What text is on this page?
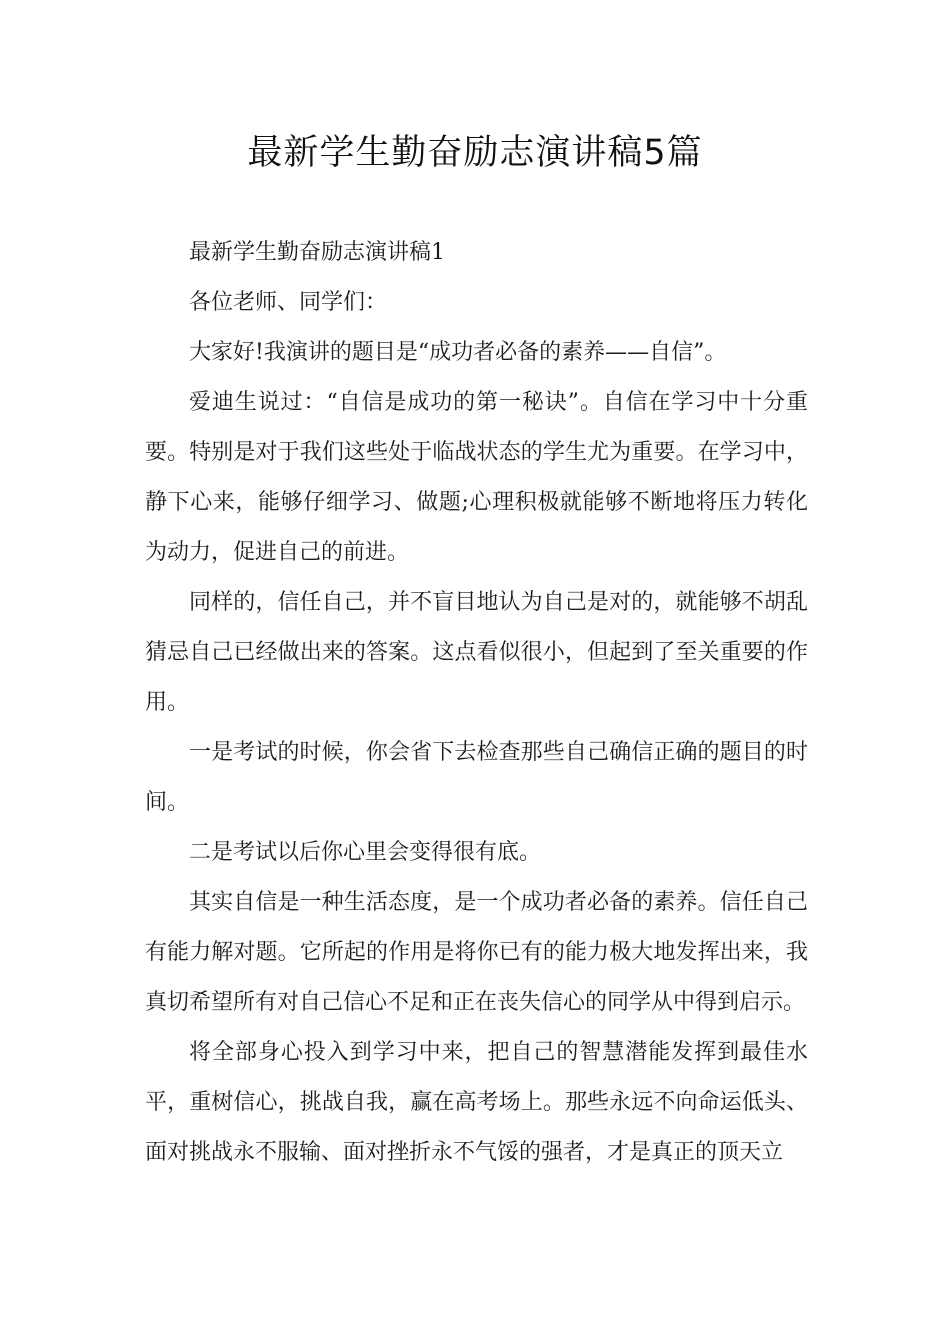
最新学生勤奋励志演讲稿5篇

最新学生勤奋励志演讲稿1

各位老师、同学们：

大家好!我演讲的题目是“成功者必备的素养——自信”。

爱迪生说过：“自信是成功的第一秘诀”。自信在学习中十分重要。特别是对于我们这些处于临战状态的学生尤为重要。在学习中，静下心来，能够仔细学习、做题;心理积极就能够不断地将压力转化为动力，促进自己的前进。

同样的，信任自己，并不盲目地认为自己是对的，就能够不胡乱猜忌自己已经做出来的答案。这点看似很小，但起到了至关重要的作用。

一是考试的时候，你会省下去检查那些自己确信正确的题目的时间。

二是考试以后你心里会变得很有底。

其实自信是一种生活态度，是一个成功者必备的素养。信任自己有能力解对题。它所起的作用是将你已有的能力极大地发挥出来，我真切希望所有对自己信心不足和正在丧失信心的同学从中得到启示。

将全部身心投入到学习中来，把自己的智慧潜能发挥到最佳水平，重树信心，挑战自我，赢在高考场上。那些永远不向命运低头、面对挑战永不服输、面对挫折永不气馁的强者，才是真正的顶天立
